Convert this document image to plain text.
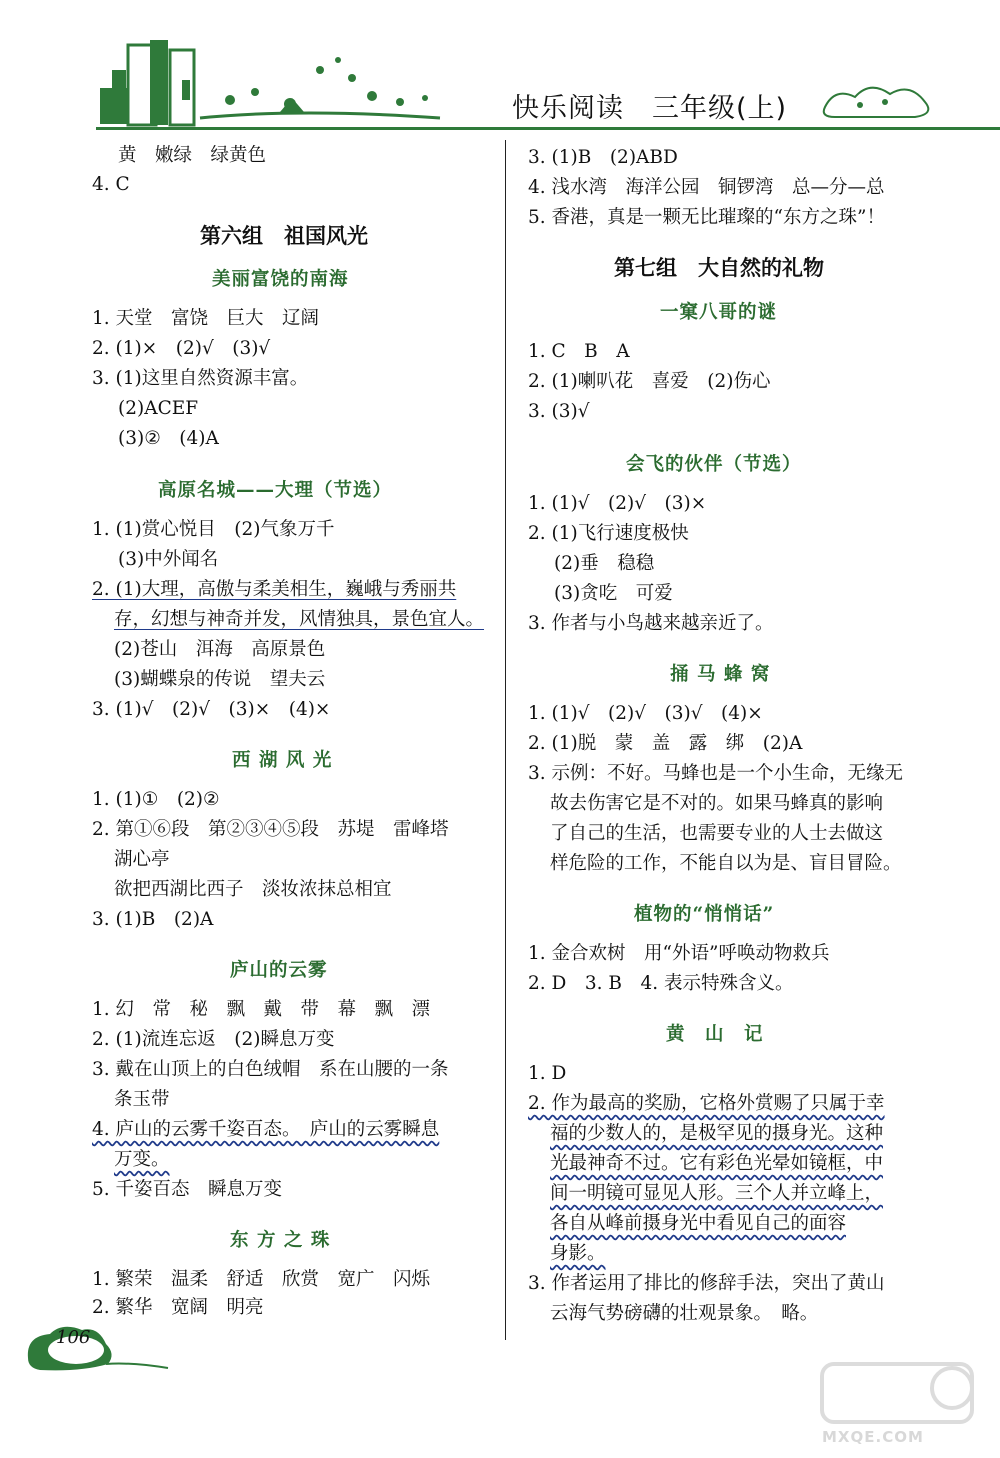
快乐阅读　三年级(上)
黄　嫩绿　绿黄色
4. C
第六组　祖国风光
美丽富饶的南海
1. 天堂　富饶　巨大　辽阔
2. (1)×　(2)√　(3)√
3. (1)这里自然资源丰富。
(2)ACEF
(3)②　(4)A
高原名城——大理（节选）
1. (1)赏心悦目　(2)气象万千
(3)中外闻名
2. (1)大理，高傲与柔美相生，巍峨与秀丽共
存，幻想与神奇并发，风情独具，景色宜人。
(2)苍山　洱海　高原景色
(3)蝴蝶泉的传说　望夫云
3. (1)√　(2)√　(3)×　(4)×
西 湖 风 光
1. (1)①　(2)②
2. 第①⑥段　第②③④⑤段　苏堤　雷峰塔
湖心亭
欲把西湖比西子　淡妆浓抹总相宜
3. (1)B　(2)A
庐山的云雾
1. 幻　常　秘　飘　戴　带　幕　飘　漂
2. (1)流连忘返　(2)瞬息万变
3. 戴在山顶上的白色绒帽　系在山腰的一条
条玉带
4. 庐山的云雾千姿百态。　庐山的云雾瞬息
万变。
5. 千姿百态　瞬息万变
东 方 之 珠
1. 繁荣　温柔　舒适　欣赏　宽广　闪烁
2. 繁华　宽阔　明亮
3. (1)B　(2)ABD
4. 浅水湾　海洋公园　铜锣湾　总—分—总
5. 香港，真是一颗无比璀璨的“东方之珠”！
第七组　大自然的礼物
一窠八哥的谜
1. C　B　A
2. (1)喇叭花　喜爱　(2)伤心
3. (3)√
会飞的伙伴（节选）
1. (1)√　(2)√　(3)×
2. (1)飞行速度极快
(2)垂　稳稳
(3)贪吃　可爱
3. 作者与小鸟越来越亲近了。
捅 马 蜂 窝
1. (1)√　(2)√　(3)√　(4)×
2. (1)脱　蒙　盖　露　绑　(2)A
3. 示例：不好。马蜂也是一个小生命，无缘无
故去伤害它是不对的。如果马蜂真的影响
了自己的生活，也需要专业的人士去做这
样危险的工作，不能自以为是、盲目冒险。
植物的“悄悄话”
1. 金合欢树　用“外语”呼唤动物救兵
2. D　3. B　4. 表示特殊含义。
黄　山　记
1. D
2. 作为最高的奖励，它格外赏赐了只属于幸
福的少数人的，是极罕见的摄身光。这种
光最神奇不过。它有彩色光晕如镜框，中
间一明镜可显见人形。三个人并立峰上，
各自从峰前摄身光中看见自己的面容
身影。
3. 作者运用了排比的修辞手法，突出了黄山
云海气势磅礴的壮观景象。　略。
106
MXQE.COM
